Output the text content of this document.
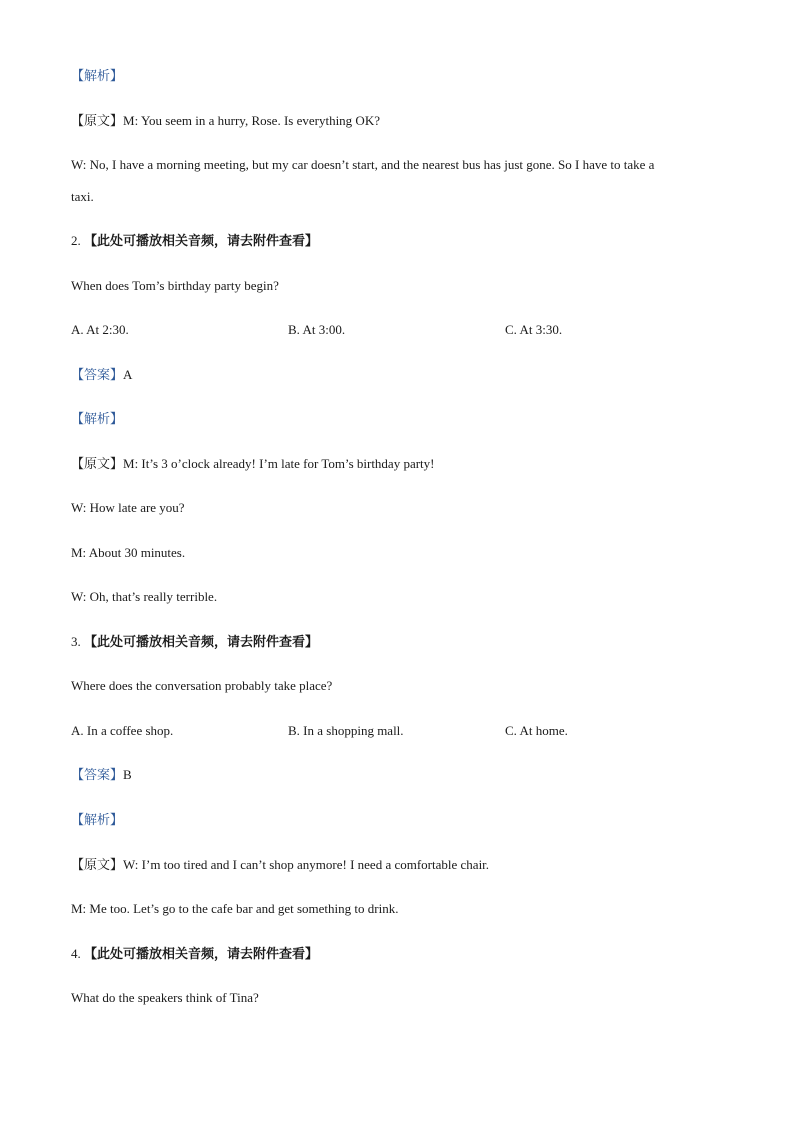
【解析】
【原文】M: You seem in a hurry, Rose. Is everything OK?
W: No, I have a morning meeting, but my car doesn’t start, and the nearest bus has just gone. So I have to take a
taxi.
2. 【此处可播放相关音频，请去附件查看】
When does Tom’s birthday party begin?
A. At 2:30.	B. At 3:00.	C. At 3:30.
【答案】A
【解析】
【原文】M: It’s 3 o’clock already! I’m late for Tom’s birthday party!
W: How late are you?
M: About 30 minutes.
W: Oh, that’s really terrible.
3. 【此处可播放相关音频，请去附件查看】
Where does the conversation probably take place?
A. In a coffee shop.	B. In a shopping mall.	C. At home.
【答案】B
【解析】
【原文】W: I’m too tired and I can’t shop anymore! I need a comfortable chair.
M: Me too. Let’s go to the cafe bar and get something to drink.
4. 【此处可播放相关音频，请去附件查看】
What do the speakers think of Tina?
